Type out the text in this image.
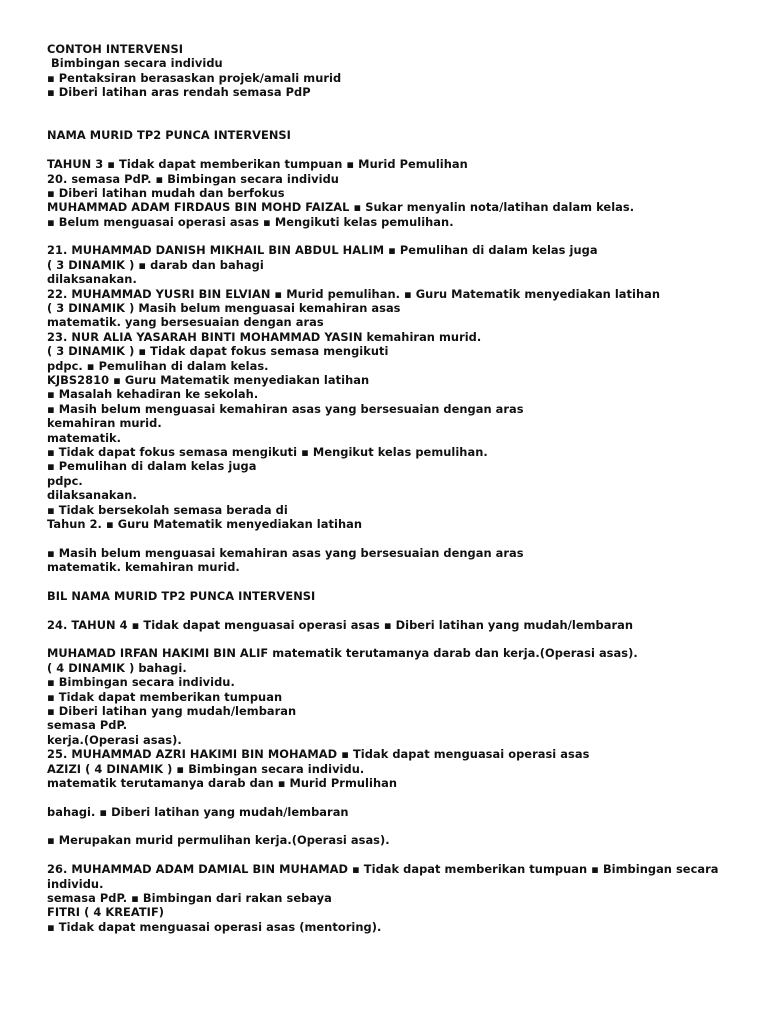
CONTOH INTERVENSI
Bimbingan secara individu
▪ Pentaksiran berasaskan projek/amali murid
▪ Diberi latihan aras rendah semasa PdP
NAMA MURID TP2 PUNCA INTERVENSI
TAHUN 3 ▪ Tidak dapat memberikan tumpuan ▪ Murid Pemulihan
20. semasa PdP. ▪ Bimbingan secara individu
▪ Diberi latihan mudah dan berfokus
MUHAMMAD ADAM FIRDAUS BIN MOHD FAIZAL ▪ Sukar menyalin nota/latihan dalam kelas.
▪ Belum menguasai operasi asas ▪ Mengikuti kelas pemulihan.
21. MUHAMMAD DANISH MIKHAIL BIN ABDUL HALIM ▪ Pemulihan di dalam kelas juga
( 3 DINAMIK ) ▪ darab dan bahagi
dilaksanakan.
22. MUHAMMAD YUSRI BIN ELVIAN ▪ Murid pemulihan. ▪ Guru Matematik menyediakan latihan
( 3 DINAMIK ) Masih belum menguasai kemahiran asas
matematik. yang bersesuaian dengan aras
23. NUR ALIA YASARAH BINTI MOHAMMAD YASIN kemahiran murid.
( 3 DINAMIK ) ▪ Tidak dapat fokus semasa mengikuti
pdpc. ▪ Pemulihan di dalam kelas.
KJBS2810 ▪ Guru Matematik menyediakan latihan
▪ Masalah kehadiran ke sekolah.
▪ Masih belum menguasai kemahiran asas yang bersesuaian dengan aras
kemahiran murid.
matematik.
▪ Tidak dapat fokus semasa mengikuti ▪ Mengikut kelas pemulihan.
▪ Pemulihan di dalam kelas juga
pdpc.
dilaksanakan.
▪ Tidak bersekolah semasa berada di
Tahun 2. ▪ Guru Matematik menyediakan latihan
▪ Masih belum menguasai kemahiran asas yang bersesuaian dengan aras
matematik. kemahiran murid.
BIL NAMA MURID TP2 PUNCA INTERVENSI
24. TAHUN 4 ▪ Tidak dapat menguasai operasi asas ▪ Diberi latihan yang mudah/lembaran
MUHAMAD IRFAN HAKIMI BIN ALIF matematik terutamanya darab dan kerja.(Operasi asas).
( 4 DINAMIK ) bahagi.
▪ Bimbingan secara individu.
▪ Tidak dapat memberikan tumpuan
▪ Diberi latihan yang mudah/lembaran
semasa PdP.
kerja.(Operasi asas).
25. MUHAMMAD AZRI HAKIMI BIN MOHAMAD ▪ Tidak dapat menguasai operasi asas
AZIZI ( 4 DINAMIK ) ▪ Bimbingan secara individu.
matematik terutamanya darab dan ▪ Murid Prmulihan
bahagi. ▪ Diberi latihan yang mudah/lembaran
▪ Merupakan murid permulihan kerja.(Operasi asas).
26. MUHAMMAD ADAM DAMIAL BIN MUHAMAD ▪ Tidak dapat memberikan tumpuan ▪ Bimbingan secara
individu.
semasa PdP. ▪ Bimbingan dari rakan sebaya
FITRI ( 4 KREATIF)
▪ Tidak dapat menguasai operasi asas (mentoring).
